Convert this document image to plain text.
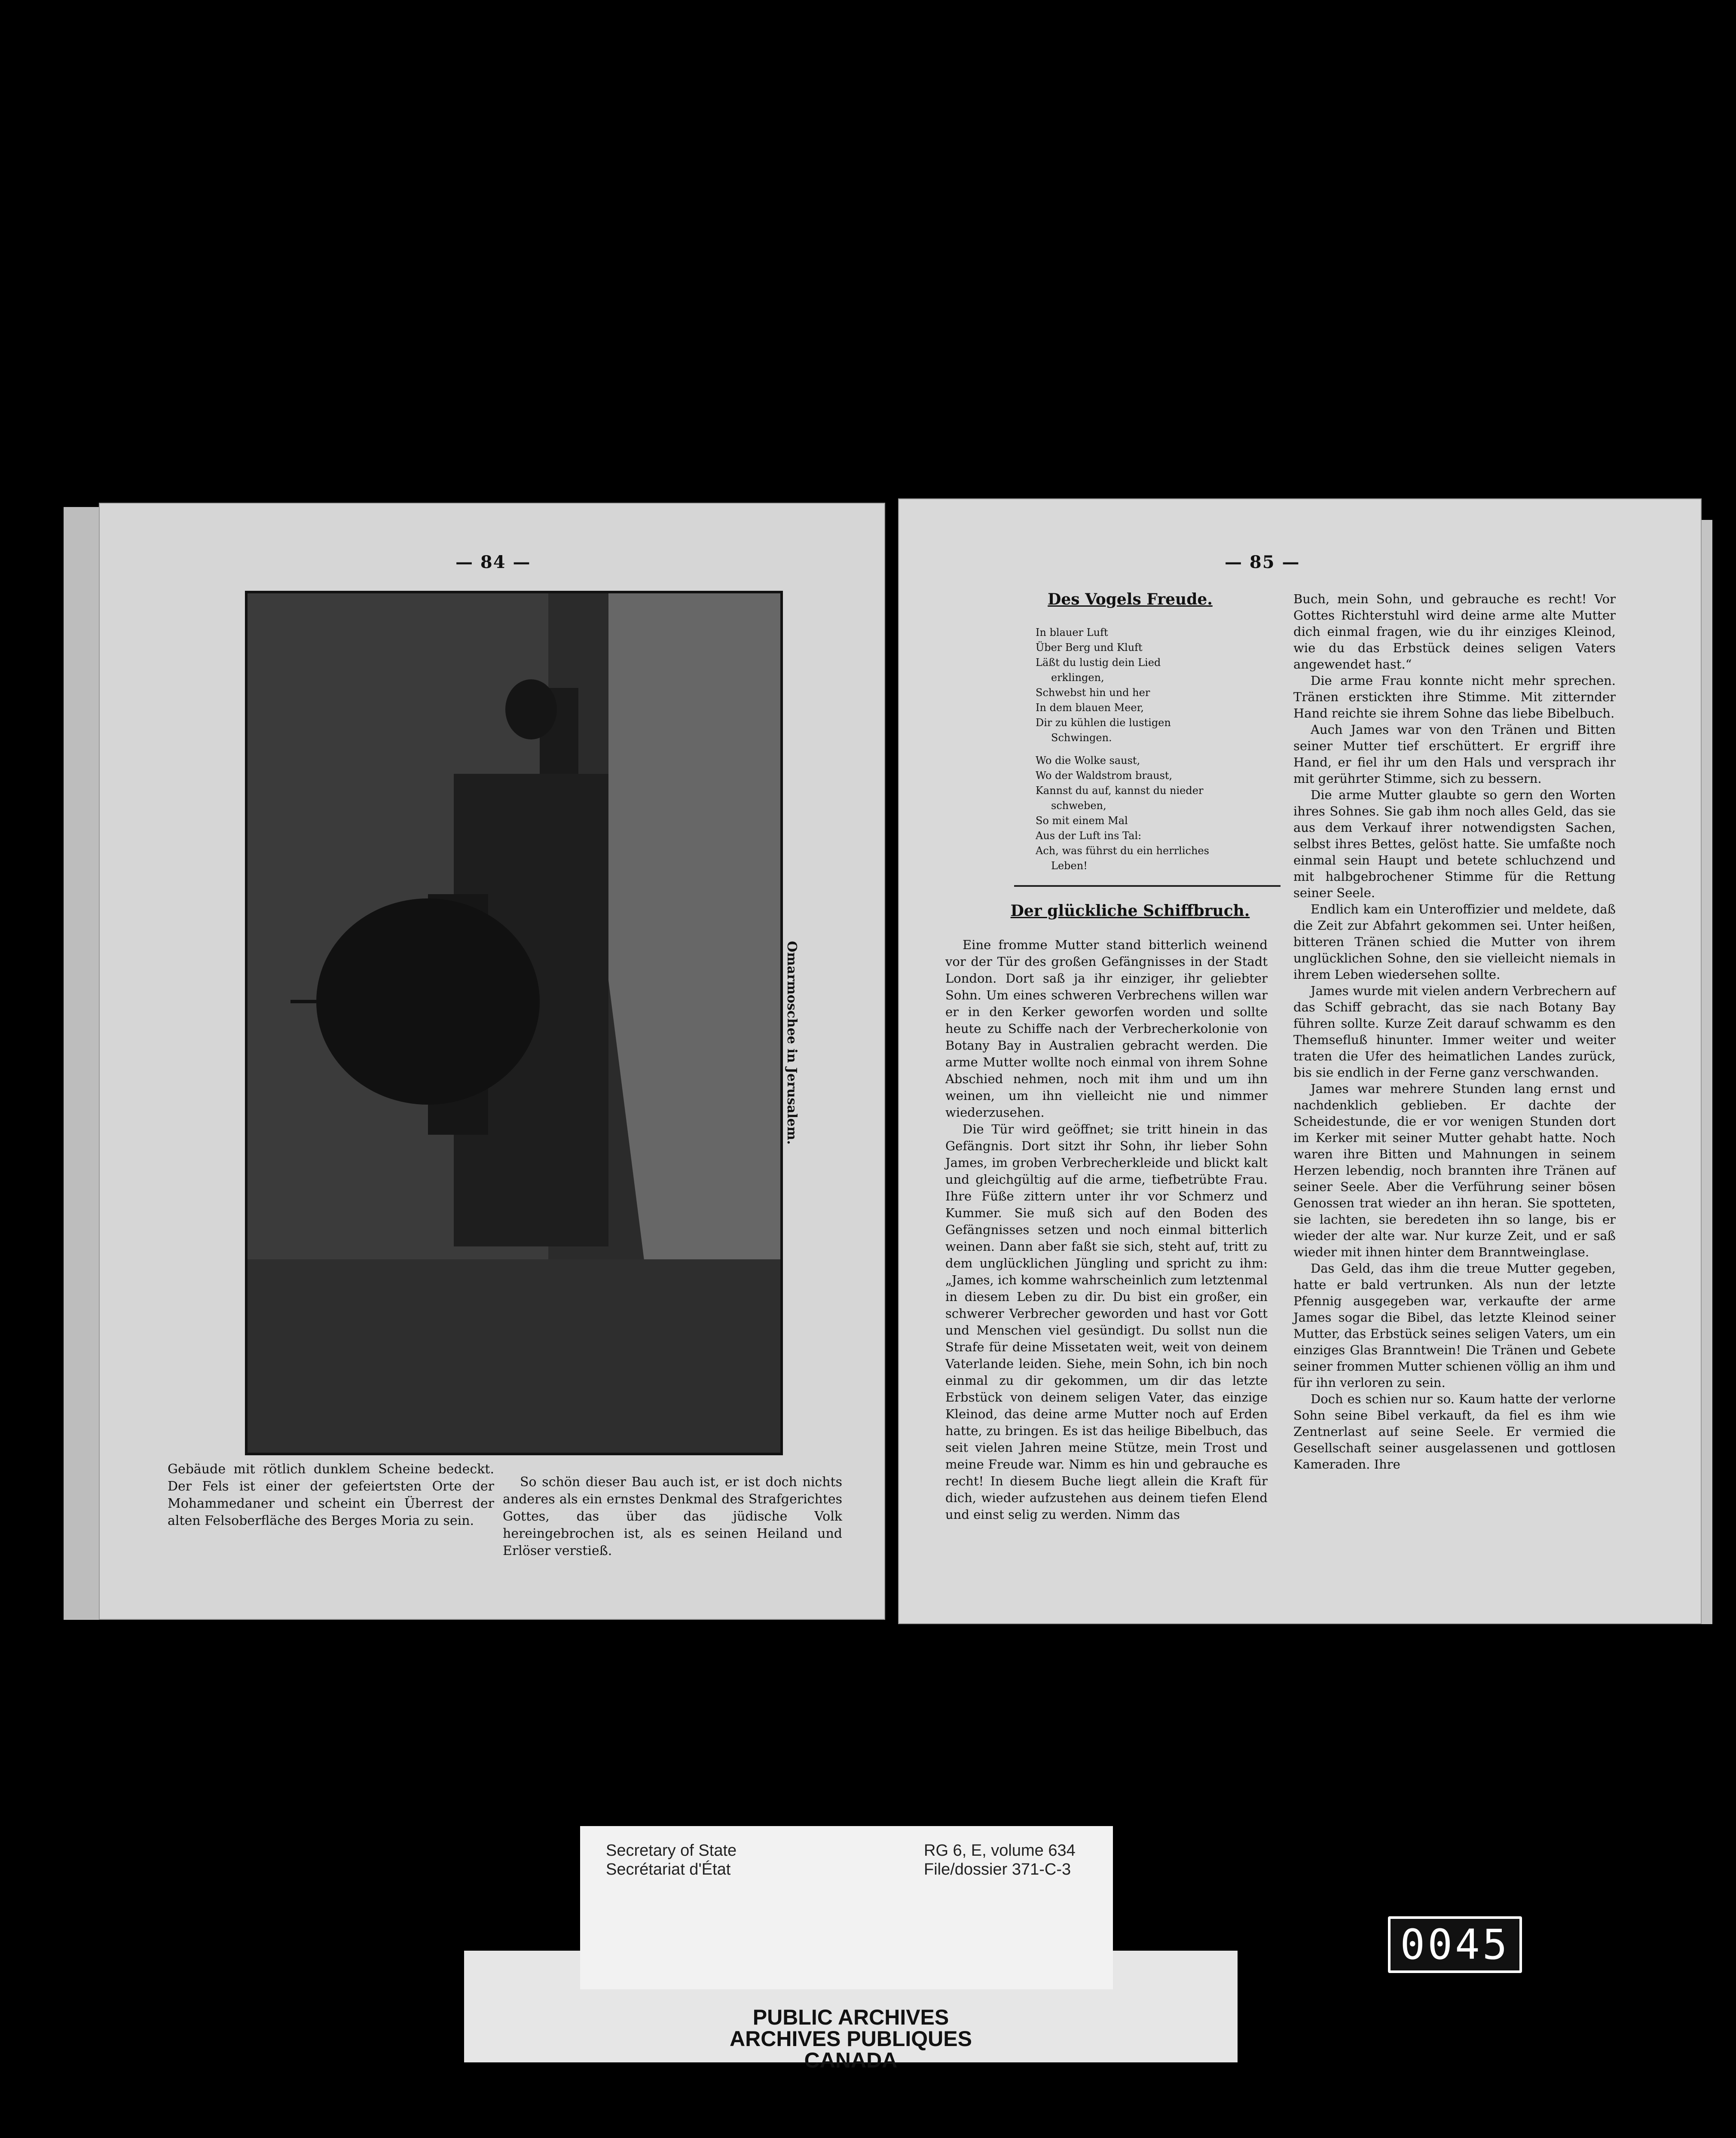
— 84 —
Omarmoschee in Jerusalem.

Gebäude mit rötlich dunklem Scheine bedeckt. Der Fels ist einer der gefeiertsten Orte der Mohammedaner und scheint ein Überrest der alten Felsoberfläche des Berges Moria zu sein.

So schön dieser Bau auch ist, er ist doch nichts anderes als ein ernstes Denkmal des Strafgerichtes Gottes, das über das jüdische Volk hereingebrochen ist, als es seinen Heiland und Erlöser verstieß.

— 85 —
Des Vogels Freude.
In blauer Luft
Über Berg und Kluft
Läßt du lustig dein Lied
erklingen,
Schwebst hin und her
In dem blauen Meer,
Dir zu kühlen die lustigen
Schwingen.
Wo die Wolke saust,
Wo der Waldstrom braust,
Kannst du auf, kannst du nieder
schweben,
So mit einem Mal
Aus der Luft ins Tal:
Ach, was führst du ein herrliches
Leben!
Der glückliche Schiffbruch.

Eine fromme Mutter stand bitterlich weinend vor der Tür des großen Gefängnisses in der Stadt London. Dort saß ja ihr einziger, ihr geliebter Sohn. Um eines schweren Verbrechens willen war er in den Kerker geworfen worden und sollte heute zu Schiffe nach der Verbrecherkolonie von Botany Bay in Australien gebracht werden. Die arme Mutter wollte noch einmal von ihrem Sohne Abschied nehmen, noch mit ihm und um ihn weinen, um ihn vielleicht nie und nimmer wiederzusehen.

Die Tür wird geöffnet; sie tritt hinein in das Gefängnis. Dort sitzt ihr Sohn, ihr lieber Sohn James, im groben Verbrecherkleide und blickt kalt und gleichgültig auf die arme, tiefbetrübte Frau. Ihre Füße zittern unter ihr vor Schmerz und Kummer. Sie muß sich auf den Boden des Gefängnisses setzen und noch einmal bitterlich weinen. Dann aber faßt sie sich, steht auf, tritt zu dem unglücklichen Jüngling und spricht zu ihm: „James, ich komme wahrscheinlich zum letztenmal in diesem Leben zu dir. Du bist ein großer, ein schwerer Verbrecher geworden und hast vor Gott und Menschen viel gesündigt. Du sollst nun die Strafe für deine Missetaten weit, weit von deinem Vaterlande leiden. Siehe, mein Sohn, ich bin noch einmal zu dir gekommen, um dir das letzte Erbstück von deinem seligen Vater, das einzige Kleinod, das deine arme Mutter noch auf Erden hatte, zu bringen. Es ist das heilige Bibelbuch, das seit vielen Jahren meine Stütze, mein Trost und meine Freude war. Nimm es hin und gebrauche es recht! In diesem Buche liegt allein die Kraft für dich, wieder aufzustehen aus deinem tiefen Elend und einst selig zu werden. Nimm das

Buch, mein Sohn, und gebrauche es recht! Vor Gottes Richterstuhl wird deine arme alte Mutter dich einmal fragen, wie du ihr einziges Kleinod, wie du das Erbstück deines seligen Vaters angewendet hast.“

Die arme Frau konnte nicht mehr sprechen. Tränen erstickten ihre Stimme. Mit zitternder Hand reichte sie ihrem Sohne das liebe Bibelbuch.

Auch James war von den Tränen und Bitten seiner Mutter tief erschüttert. Er ergriff ihre Hand, er fiel ihr um den Hals und versprach ihr mit gerührter Stimme, sich zu bessern.

Die arme Mutter glaubte so gern den Worten ihres Sohnes. Sie gab ihm noch alles Geld, das sie aus dem Verkauf ihrer notwendigsten Sachen, selbst ihres Bettes, gelöst hatte. Sie umfaßte noch einmal sein Haupt und betete schluchzend und mit halbgebrochener Stimme für die Rettung seiner Seele.

Endlich kam ein Unteroffizier und meldete, daß die Zeit zur Abfahrt gekommen sei. Unter heißen, bitteren Tränen schied die Mutter von ihrem unglücklichen Sohne, den sie vielleicht niemals in ihrem Leben wiedersehen sollte.

James wurde mit vielen andern Verbrechern auf das Schiff gebracht, das sie nach Botany Bay führen sollte. Kurze Zeit darauf schwamm es den Themsefluß hinunter. Immer weiter und weiter traten die Ufer des heimatlichen Landes zurück, bis sie endlich in der Ferne ganz verschwanden.

James war mehrere Stunden lang ernst und nachdenklich geblieben. Er dachte der Scheidestunde, die er vor wenigen Stunden dort im Kerker mit seiner Mutter gehabt hatte. Noch waren ihre Bitten und Mahnungen in seinem Herzen lebendig, noch brannten ihre Tränen auf seiner Seele. Aber die Verführung seiner bösen Genossen trat wieder an ihn heran. Sie spotteten, sie lachten, sie beredeten ihn so lange, bis er wieder der alte war. Nur kurze Zeit, und er saß wieder mit ihnen hinter dem Branntweinglase.

Das Geld, das ihm die treue Mutter gegeben, hatte er bald vertrunken. Als nun der letzte Pfennig ausgegeben war, verkaufte der arme James sogar die Bibel, das letzte Kleinod seiner Mutter, das Erbstück seines seligen Vaters, um ein einziges Glas Branntwein! Die Tränen und Gebete seiner frommen Mutter schienen völlig an ihm und für ihn verloren zu sein.

Doch es schien nur so. Kaum hatte der verlorne Sohn seine Bibel verkauft, da fiel es ihm wie Zentnerlast auf seine Seele. Er vermied die Gesellschaft seiner ausgelassenen und gottlosen Kameraden. Ihre

Secretary of State
Secrétariat d'État
RG 6, E, volume 634
File/dossier 371-C-3
PUBLIC ARCHIVES
ARCHIVES PUBLIQUES
CANADA
0045
